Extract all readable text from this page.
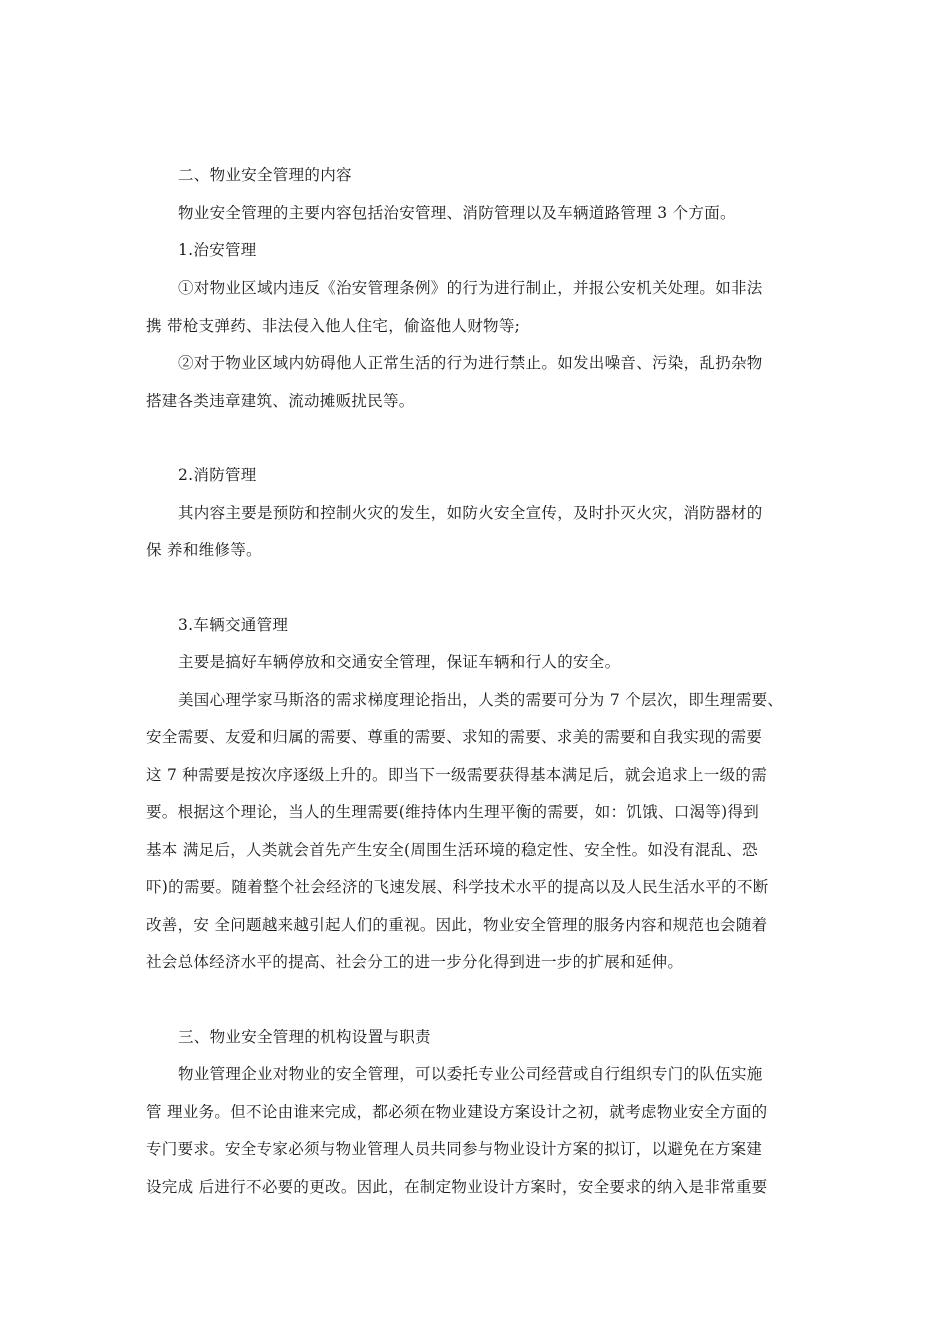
二、物业安全管理的内容
物业安全管理的主要内容包括治安管理、消防管理以及车辆道路管理 3 个方面。
1.治安管理
①对物业区域内违反《治安管理条例》的行为进行制止，并报公安机关处理。如非法
携 带枪支弹药、非法侵入他人住宅，偷盗他人财物等;
②对于物业区域内妨碍他人正常生活的行为进行禁止。如发出噪音、污染，乱扔杂物
搭建各类违章建筑、流动摊贩扰民等。
2.消防管理
其内容主要是预防和控制火灾的发生，如防火安全宣传，及时扑灭火灾，消防器材的
保 养和维修等。
3.车辆交通管理
主要是搞好车辆停放和交通安全管理，保证车辆和行人的安全。
美国心理学家马斯洛的需求梯度理论指出，人类的需要可分为 7 个层次，即生理需要、
安全需要、友爱和归属的需要、尊重的需要、求知的需要、求美的需要和自我实现的需要
这 7 种需要是按次序逐级上升的。即当下一级需要获得基本满足后，就会追求上一级的需
要。根据这个理论，当人的生理需要(维持体内生理平衡的需要，如：饥饿、口渴等)得到
基本 满足后，人类就会首先产生安全(周围生活环境的稳定性、安全性。如没有混乱、恐
吓)的需要。随着整个社会经济的飞速发展、科学技术水平的提高以及人民生活水平的不断
改善，安 全问题越来越引起人们的重视。因此，物业安全管理的服务内容和规范也会随着
社会总体经济水平的提高、社会分工的进一步分化得到进一步的扩展和延伸。
三、物业安全管理的机构设置与职责
物业管理企业对物业的安全管理，可以委托专业公司经营或自行组织专门的队伍实施
管 理业务。但不论由谁来完成，都必须在物业建设方案设计之初，就考虑物业安全方面的
专门要求。安全专家必须与物业管理人员共同参与物业设计方案的拟订，以避免在方案建
设完成 后进行不必要的更改。因此，在制定物业设计方案时，安全要求的纳入是非常重要
